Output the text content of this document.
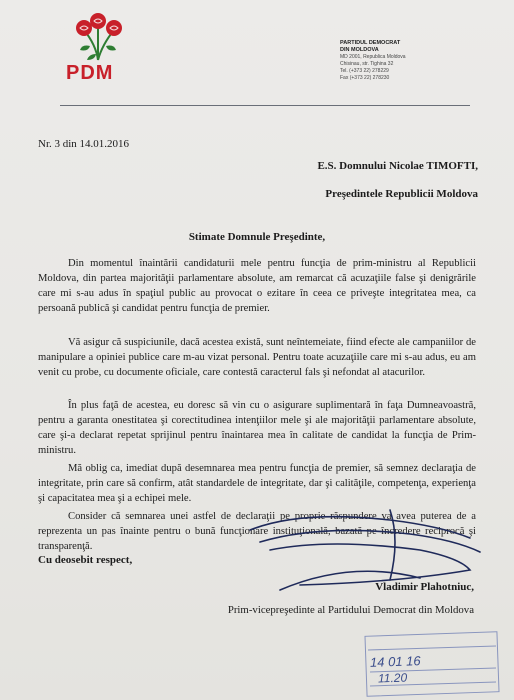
PDM
PARTIDUL DEMOCRAT
DIN MOLDOVA
MD 2001, Republica Moldova
Chisinau, str. Tighina 32
Tel. (+373 22) 278229
Fax (+373 22) 278230
Nr. 3 din 14.01.2016
E.S. Domnului Nicolae TIMOFTI,
Preşedintele Republicii Moldova
Stimate Domnule Preşedinte,

Din momentul înaintării candidaturii mele pentru funcţia de prim-ministru al Republicii Moldova, din partea majorităţii parlamentare absolute, am remarcat că acuzaţiile false şi denigrările care mi s-au adus în spaţiul public au provocat o ezitare în ceea ce priveşte integritatea mea, ca persoană publică şi candidat pentru funcţia de premier.

Vă asigur că suspiciunile, dacă acestea există, sunt neîntemeiate, fiind efecte ale campaniilor de manipulare a opiniei publice care m-au vizat personal. Pentru toate acuzaţiile care mi s-au adus, eu am venit cu probe, cu documente oficiale, care contestă caracterul fals şi nefondat al atacurilor.

În plus faţă de acestea, eu doresc să vin cu o asigurare suplimentară în faţa Dumneavoastră, pentru a garanta onestitatea şi corectitudinea intenţiilor mele şi ale majorităţii parlamentare absolute, care şi-a declarat repetat sprijinul pentru înaintarea mea în calitate de candidat la funcţia de Prim-ministru.

Mă oblig ca, imediat după desemnarea mea pentru funcţia de premier, să semnez declaraţia de integritate, prin care să confirm, atât standardele de integritate, dar şi calităţile, competenţa, experienţa şi capacitatea mea şi a echipei mele.

Consider că semnarea unei astfel de declaraţii pe proprie răspundere va avea puterea de a reprezenta un pas înainte pentru o bună funcţionare instituţională, bazată pe încredere reciprocă şi transparenţă.

Cu deosebit respect,
Vladimir Plahotniuc,
Prim-vicepreşedinte al Partidului Democrat din Moldova
14 01 16
11.20
